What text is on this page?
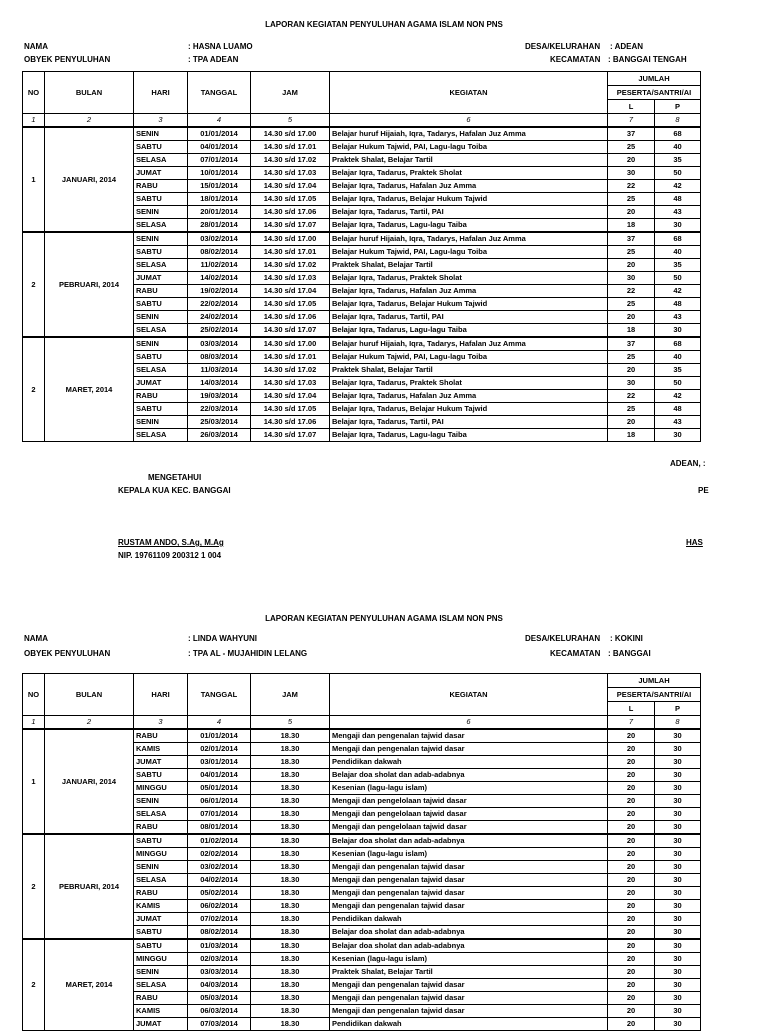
LAPORAN KEGIATAN PENYULUHAN AGAMA ISLAM NON PNS
NAMA	: HASNA LUAMO
OBYEK PENYULUHAN	: TPA ADEAN
DESA/KELURAHAN : ADEAN
KECAMATAN : BANGGAI TENGAH
NO	BULAN	HARI	TANGGAL	JAM	KEGIATAN	JUMLAH	
						PESERTA/SANTRI/AI	
						L	P
1	2	3	4	5	6	7	8
1	JANUARI, 2014	SENIN	01/01/2014	14.30 s/d 17.00	Belajar huruf Hijaiah, Iqra, Tadarys, Hafalan Juz Amma	37	68
		SABTU	04/01/2014	14.30 s/d 17.01	Belajar Hukum Tajwid, PAI, Lagu-lagu Toiba	25	40
		SELASA	07/01/2014	14.30 s/d 17.02	Praktek Shalat, Belajar Tartil	20	35
		JUMAT	10/01/2014	14.30 s/d 17.03	Belajar Iqra, Tadarus, Praktek Sholat	30	50
		RABU	15/01/2014	14.30 s/d 17.04	Belajar Iqra, Tadarus, Hafalan Juz Amma	22	42
		SABTU	18/01/2014	14.30 s/d 17.05	Belajar Iqra, Tadarus, Belajar Hukum Tajwid	25	48
		SENIN	20/01/2014	14.30 s/d 17.06	Belajar Iqra, Tadarus, Tartil, PAI	20	43
		SELASA	28/01/2014	14.30 s/d 17.07	Belajar Iqra, Tadarus, Lagu-lagu Taiba	18	30
2	PEBRUARI, 2014	SENIN	03/02/2014	14.30 s/d 17.00	Belajar huruf Hijaiah, Iqra, Tadarys, Hafalan Juz Amma	37	68
		SABTU	08/02/2014	14.30 s/d 17.01	Belajar Hukum Tajwid, PAI, Lagu-lagu Toiba	25	40
		SELASA	11/02/2014	14.30 s/d 17.02	Praktek Shalat, Belajar Tartil	20	35
		JUMAT	14/02/2014	14.30 s/d 17.03	Belajar Iqra, Tadarus, Praktek Sholat	30	50
		RABU	19/02/2014	14.30 s/d 17.04	Belajar Iqra, Tadarus, Hafalan Juz Amma	22	42
		SABTU	22/02/2014	14.30 s/d 17.05	Belajar Iqra, Tadarus, Belajar Hukum Tajwid	25	48
		SENIN	24/02/2014	14.30 s/d 17.06	Belajar Iqra, Tadarus, Tartil, PAI	20	43
		SELASA	25/02/2014	14.30 s/d 17.07	Belajar Iqra, Tadarus, Lagu-lagu Taiba	18	30
2	MARET, 2014	SENIN	03/03/2014	14.30 s/d 17.00	Belajar huruf Hijaiah, Iqra, Tadarys, Hafalan Juz Amma	37	68
		SABTU	08/03/2014	14.30 s/d 17.01	Belajar Hukum Tajwid, PAI, Lagu-lagu Toiba	25	40
		SELASA	11/03/2014	14.30 s/d 17.02	Praktek Shalat, Belajar Tartil	20	35
		JUMAT	14/03/2014	14.30 s/d 17.03	Belajar Iqra, Tadarus, Praktek Sholat	30	50
		RABU	19/03/2014	14.30 s/d 17.04	Belajar Iqra, Tadarus, Hafalan Juz Amma	22	42
		SABTU	22/03/2014	14.30 s/d 17.05	Belajar Iqra, Tadarus, Belajar Hukum Tajwid	25	48
		SENIN	25/03/2014	14.30 s/d 17.06	Belajar Iqra, Tadarus, Tartil, PAI	20	43
		SELASA	26/03/2014	14.30 s/d 17.07	Belajar Iqra, Tadarus, Lagu-lagu Taiba	18	30
ADEAN, :
MENGETAHUI
KEPALA KUA KEC. BANGGAI	PE
RUSTAM ANDO, S.Ag, M.Ag	HAS
NIP. 19761109 200312 1 004
LAPORAN KEGIATAN PENYULUHAN AGAMA ISLAM NON PNS
NAMA	: LINDA WAHYUNI
OBYEK PENYULUHAN	: TPA AL - MUJAHIDIN LELANG
DESA/KELURAHAN : KOKINI
KECAMATAN : BANGGAI
NO	BULAN	HARI	TANGGAL	JAM	KEGIATAN	JUMLAH	
						PESERTA/SANTRI/AI	
						L	P
1	2	3	4	5	6	7	8
1	JANUARI, 2014	RABU	01/01/2014	18.30	Mengaji dan pengenalan tajwid dasar	20	30
		KAMIS	02/01/2014	18.30	Mengaji dan pengenalan tajwid dasar	20	30
		JUMAT	03/01/2014	18.30	Pendidikan dakwah	20	30
		SABTU	04/01/2014	18.30	Belajar doa sholat dan adab-adabnya	20	30
		MINGGU	05/01/2014	18.30	Kesenian (lagu-lagu islam)	20	30
		SENIN	06/01/2014	18.30	Mengaji dan pengelolaan tajwid dasar	20	30
		SELASA	07/01/2014	18.30	Mengaji dan pengelolaan tajwid dasar	20	30
		RABU	08/01/2014	18.30	Mengaji dan pengelolaan tajwid dasar	20	30
2	PEBRUARI, 2014	SABTU	01/02/2014	18.30	Belajar doa sholat dan adab-adabnya	20	30
		MINGGU	02/02/2014	18.30	Kesenian (lagu-lagu islam)	20	30
		SENIN	03/02/2014	18.30	Mengaji dan pengenalan tajwid dasar	20	30
		SELASA	04/02/2014	18.30	Mengaji dan pengenalan tajwid dasar	20	30
		RABU	05/02/2014	18.30	Mengaji dan pengenalan tajwid dasar	20	30
		KAMIS	06/02/2014	18.30	Mengaji dan pengenalan tajwid dasar	20	30
		JUMAT	07/02/2014	18.30	Pendidikan dakwah	20	30
		SABTU	08/02/2014	18.30	Belajar doa sholat dan adab-adabnya	20	30
2	MARET, 2014	SABTU	01/03/2014	18.30	Belajar doa sholat dan adab-adabnya	20	30
		MINGGU	02/03/2014	18.30	Kesenian (lagu-lagu islam)	20	30
		SENIN	03/03/2014	18.30	Praktek Shalat, Belajar Tartil	20	30
		SELASA	04/03/2014	18.30	Mengaji dan pengenalan tajwid dasar	20	30
		RABU	05/03/2014	18.30	Mengaji dan pengenalan tajwid dasar	20	30
		KAMIS	06/03/2014	18.30	Mengaji dan pengenalan tajwid dasar	20	30
		JUMAT	07/03/2014	18.30	Pendidikan dakwah	20	30
